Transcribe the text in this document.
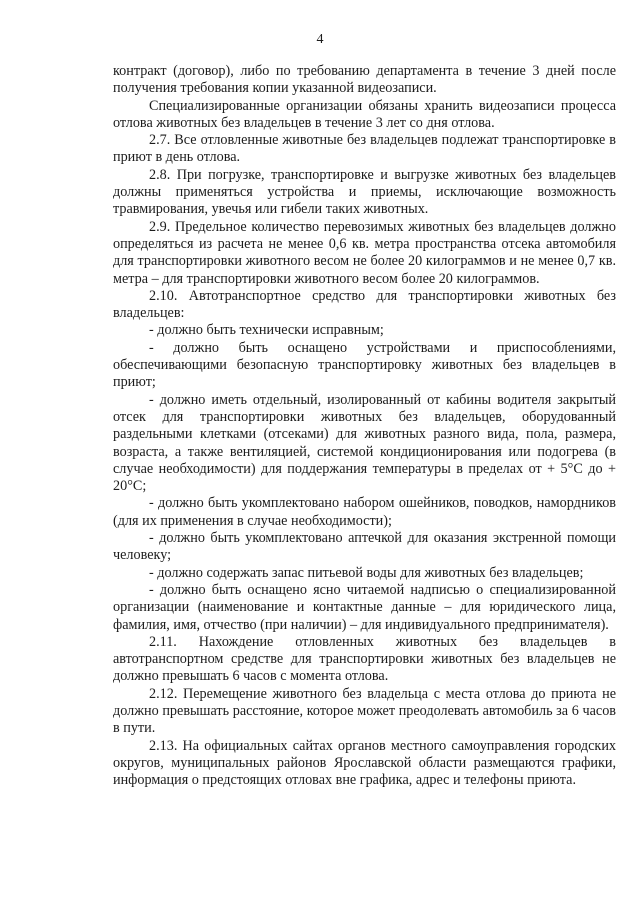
4

контракт (договор), либо по требованию департамента в течение 3 дней после получения требования копии указанной видеозаписи.

Специализированные организации обязаны хранить видеозаписи процесса отлова животных без владельцев в течение 3 лет со дня отлова.

2.7. Все отловленные животные без владельцев подлежат транспортировке в приют в день отлова.

2.8. При погрузке, транспортировке и выгрузке животных без владельцев должны применяться устройства и приемы, исключающие возможность травмирования, увечья или гибели таких животных.

2.9. Предельное количество перевозимых животных без владельцев должно определяться из расчета не менее 0,6 кв. метра пространства отсека автомобиля для транспортировки животного весом не более 20 килограммов и не менее 0,7 кв. метра – для транспортировки животного весом более 20 килограммов.

2.10. Автотранспортное средство для транспортировки животных без владельцев:

- должно быть технически исправным;

- должно быть оснащено устройствами и приспособлениями, обеспечивающими безопасную транспортировку животных без владельцев в приют;

- должно иметь отдельный, изолированный от кабины водителя закрытый отсек для транспортировки животных без владельцев, оборудованный раздельными клетками (отсеками) для животных разного вида, пола, размера, возраста, а также вентиляцией, системой кондиционирования или подогрева (в случае необходимости) для поддержания температуры в пределах от + 5°С до + 20°С;

- должно быть укомплектовано набором ошейников, поводков, намордников (для их применения в случае необходимости);

- должно быть укомплектовано аптечкой для оказания экстренной помощи человеку;

- должно содержать запас питьевой воды для животных без владельцев;

- должно быть оснащено ясно читаемой надписью о специализированной организации (наименование и контактные данные – для юридического лица, фамилия, имя, отчество (при наличии) – для индивидуального предпринимателя).

2.11. Нахождение отловленных животных без владельцев в автотранспортном средстве для транспортировки животных без владельцев не должно превышать 6 часов с момента отлова.

2.12. Перемещение животного без владельца с места отлова до приюта не должно превышать расстояние, которое может преодолевать автомобиль за 6 часов в пути.

2.13. На официальных сайтах органов местного самоуправления городских округов, муниципальных районов Ярославской области размещаются графики, информация о предстоящих отловах вне графика, адрес и телефоны приюта.
